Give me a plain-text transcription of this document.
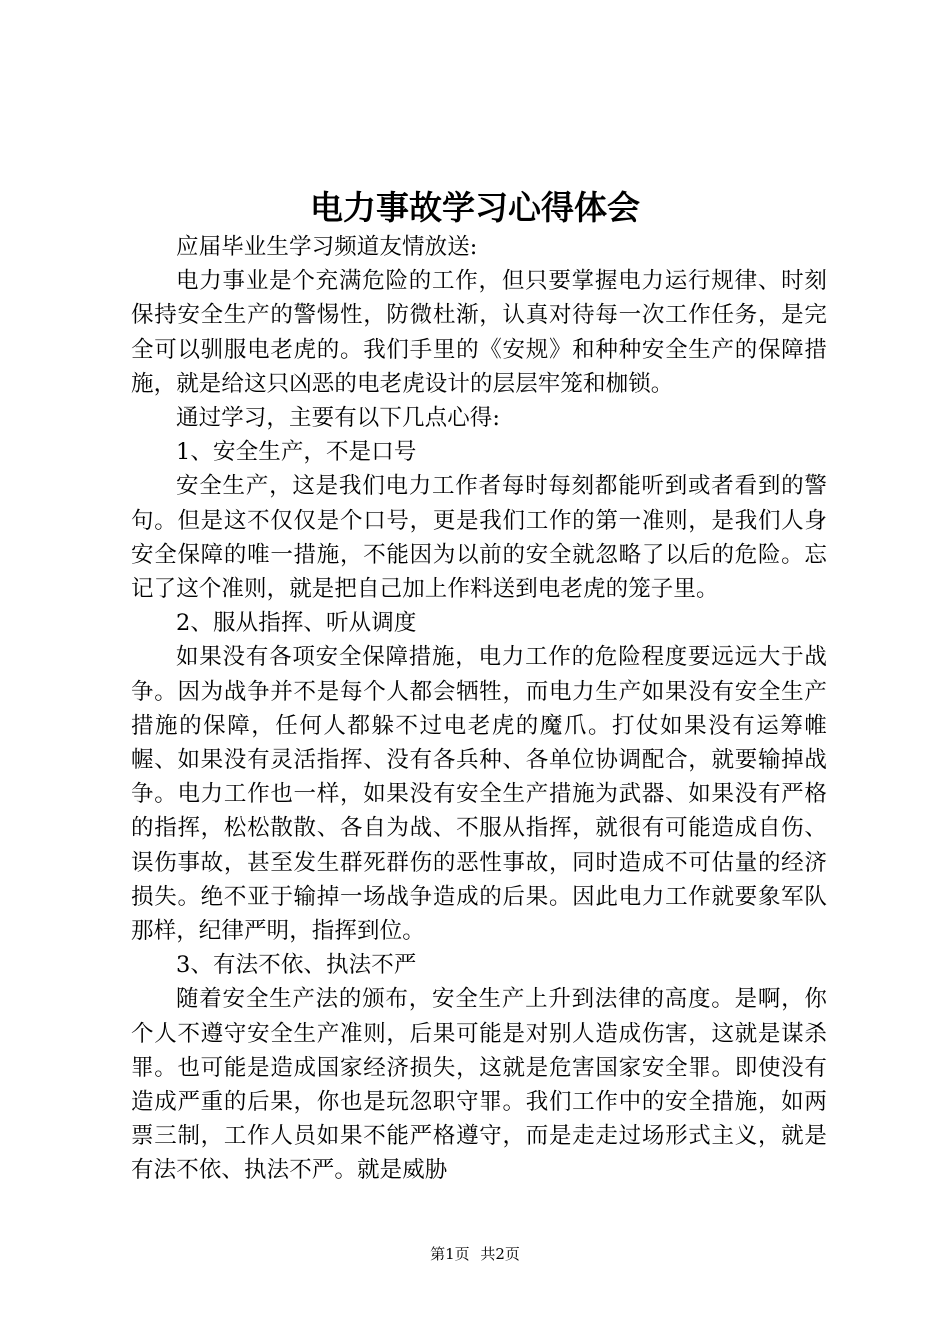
电力事故学习心得体会

应届毕业生学习频道友情放送:

电力事业是个充满危险的工作，但只要掌握电力运行规律、时刻保持安全生产的警惕性，防微杜渐，认真对待每一次工作任务，是完全可以驯服电老虎的。我们手里的《安规》和种种安全生产的保障措施，就是给这只凶恶的电老虎设计的层层牢笼和枷锁。

通过学习，主要有以下几点心得:

1、安全生产，不是口号

安全生产，这是我们电力工作者每时每刻都能听到或者看到的警句。但是这不仅仅是个口号，更是我们工作的第一准则，是我们人身安全保障的唯一措施，不能因为以前的安全就忽略了以后的危险。忘记了这个准则，就是把自己加上作料送到电老虎的笼子里。

2、服从指挥、听从调度

如果没有各项安全保障措施，电力工作的危险程度要远远大于战争。因为战争并不是每个人都会牺牲，而电力生产如果没有安全生产措施的保障，任何人都躲不过电老虎的魔爪。打仗如果没有运筹帷幄、如果没有灵活指挥、没有各兵种、各单位协调配合，就要输掉战争。电力工作也一样，如果没有安全生产措施为武器、如果没有严格的指挥，松松散散、各自为战、不服从指挥，就很有可能造成自伤、误伤事故，甚至发生群死群伤的恶性事故，同时造成不可估量的经济损失。绝不亚于输掉一场战争造成的后果。因此电力工作就要象军队那样，纪律严明，指挥到位。

3、有法不依、执法不严

随着安全生产法的颁布，安全生产上升到法律的高度。是啊，你个人不遵守安全生产准则，后果可能是对别人造成伤害，这就是谋杀罪。也可能是造成国家经济损失，这就是危害国家安全罪。即使没有造成严重的后果，你也是玩忽职守罪。我们工作中的安全措施，如两票三制，工作人员如果不能严格遵守，而是走走过场形式主义，就是有法不依、执法不严。就是威胁

第1页 共2页
